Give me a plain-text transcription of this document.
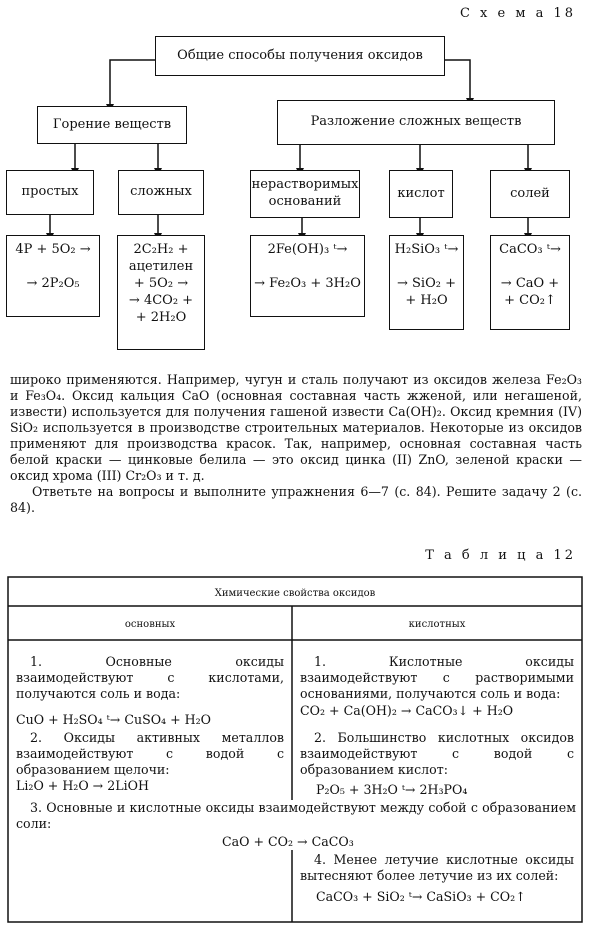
С х е м а 18
Общие способы получения оксидов
Горение веществ	Разложение сложных веществ
простых	сложных	нерастворимых
оснований
кислот	солей
4P + 5O₂ →

→ 2P₂O₅
2C₂H₂ +
ацетилен
+ 5O₂ →
→ 4CO₂ +
+ 2H₂O
2Fe(OH)₃ ᵗ→

→ Fe₂O₃ + 3H₂O
H₂SiO₃ ᵗ→

→ SiO₂ +
+ H₂O
CaCO₃ ᵗ→

→ CaO +
+ CO₂↑

широко применяются. Например, чугун и сталь получают из оксидов железа Fe₂O₃ и Fe₃O₄. Оксид кальция CaO (основная составная часть жженой, или негашеной, извести) используется для получения гашеной извести Ca(OH)₂. Оксид кремния (IV) SiO₂ используется в производстве строительных материалов. Некоторые из оксидов применяют для производства красок. Так, например, основная составная часть белой краски — цинковые белила — это оксид цинка (II) ZnO, зеленой краски — оксид хрома (III) Cr₂O₃ и т. д.

Ответьте на вопросы и выполните упражнения 6—7 (с. 84). Решите задачу 2 (с. 84).

Т а б л и ц а 12
Химические свойства оксидов
основных	кислотных
1. Основные оксиды взаимодействуют с кислотами, получаются соль и вода:
CuO + H₂SO₄ ᵗ→ CuSO₄ + H₂O
2. Оксиды активных металлов взаимодействуют с водой с образованием щелочи:
Li₂O + H₂O → 2LiOH
1. Кислотные оксиды взаимодействуют с растворимыми основаниями, получаются соль и вода:
CO₂ + Ca(OH)₂ → CaCO₃↓ + H₂O
2. Большинство кислотных оксидов взаимодействуют с водой с образованием кислот:
P₂O₅ + 3H₂O ᵗ→ 2H₃PO₄
3. Основные и кислотные оксиды взаимодействуют между собой с образованием соли:
CaO + CO₂ → CaCO₃
4. Менее летучие кислотные оксиды вытесняют более летучие из их солей:
CaCO₃ + SiO₂ ᵗ→ CaSiO₃ + CO₂↑
